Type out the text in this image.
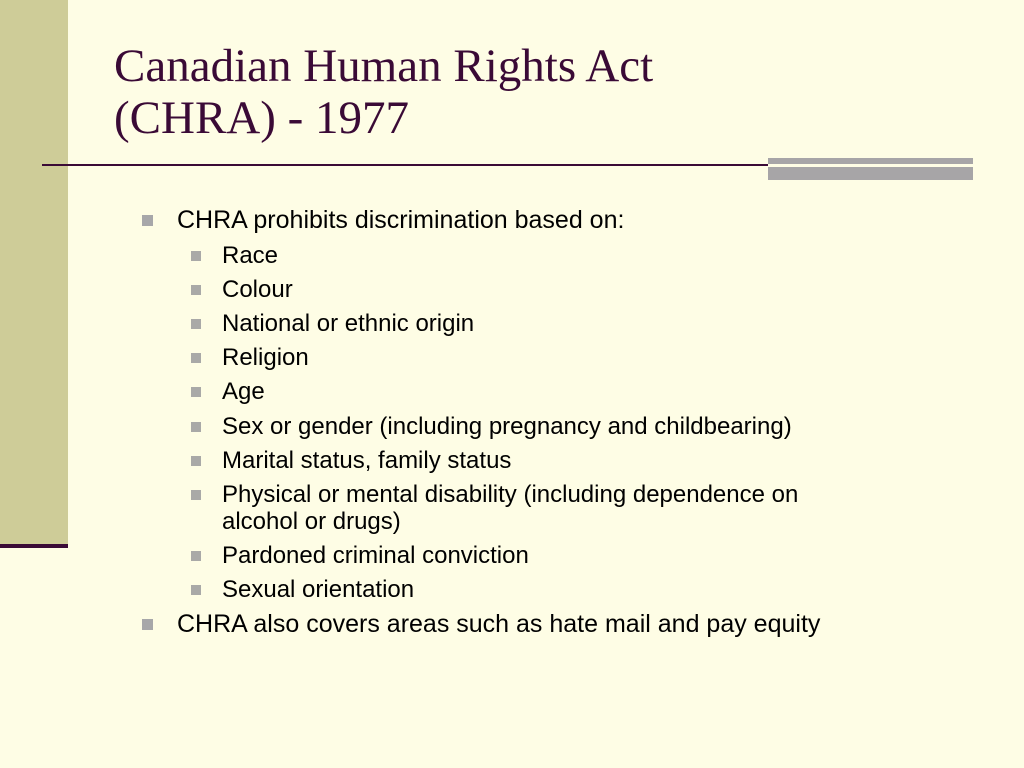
Canadian Human Rights Act
(CHRA) - 1977
CHRA prohibits discrimination based on:
Race
Colour
National or ethnic origin
Religion
Age
Sex or gender (including pregnancy and childbearing)
Marital status, family status
Physical or mental disability (including dependence on
alcohol or drugs)
Pardoned criminal conviction
Sexual orientation
CHRA also covers areas such as hate mail and pay equity
